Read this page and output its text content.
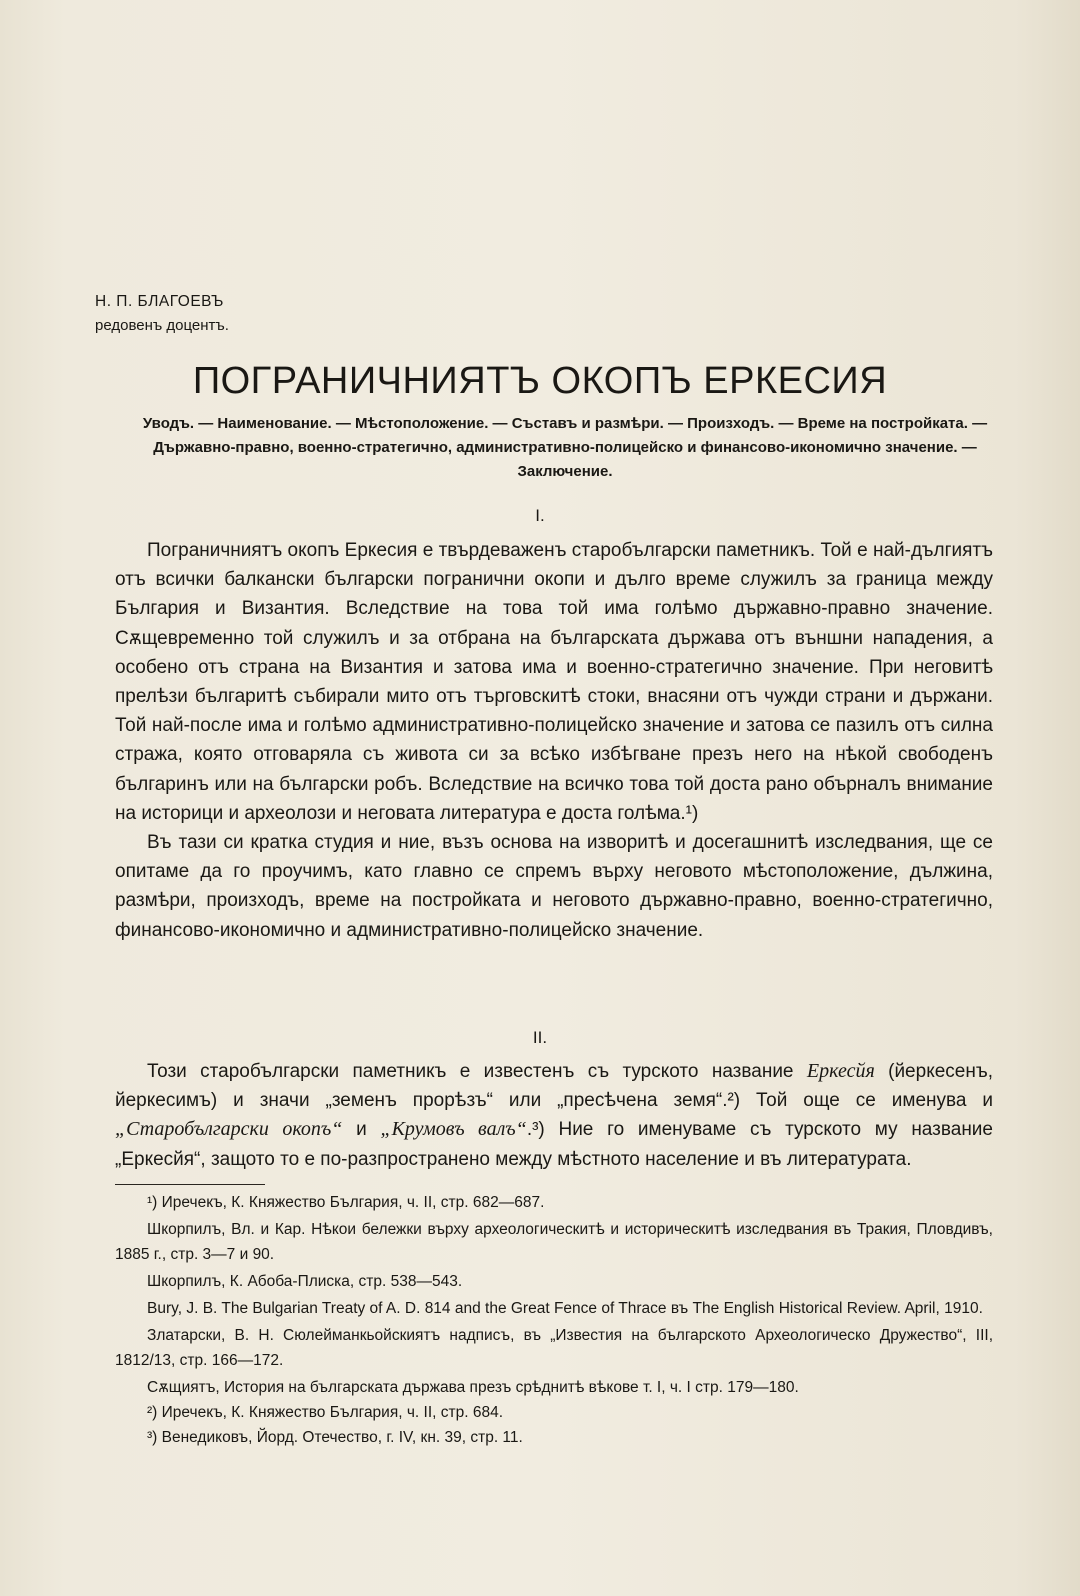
Н. П. БЛАГОЕВЪ
редовенъ доцентъ.
ПОГРАНИЧНИЯТЪ ОКОПЪ ЕРКЕСИЯ
Уводъ. — Наименование. — Мѣстоположение. — Съставъ и размѣри. — Произходъ. — Време на постройката. — Държавно-правно, военно-стратегично, административно-полицейско и финансово-икономично значение. — Заключение.
I.

Пограничниятъ окопъ Еркесия е твърдеваженъ старобългарски паметникъ. Той е най-дългиятъ отъ всички балкански български погранични окопи и дълго време служилъ за граница между България и Византия. Вследствие на това той има голѣмо държавно-правно значение. Сѫщевременно той служилъ и за отбрана на българската държава отъ външни нападения, а особено отъ страна на Византия и затова има и военно-стратегично значение. При неговитѣ прелѣзи българитѣ събирали мито отъ търговскитѣ стоки, внасяни отъ чужди страни и държани. Той най-после има и голѣмо административно-полицейско значение и затова се пазилъ отъ силна стража, която отговаряла съ живота си за всѣко избѣгване презъ него на нѣкой свободенъ българинъ или на български робъ. Вследствие на всичко това той доста рано обърналъ внимание на историци и археолози и неговата литература е доста голѣма.¹)

Въ тази си кратка студия и ние, възъ основа на изворитѣ и досегашнитѣ изследвания, ще се опитаме да го проучимъ, като главно се спремъ върху неговото мѣстоположение, дължина, размѣри, произходъ, време на постройката и неговото държавно-правно, военно-стратегично, финансово-икономично и административно-полицейско значение.

II.

Този старобългарски паметникъ е известенъ съ турското название Еркесйя (йеркесенъ, йеркесимъ) и значи „земенъ прорѣзъ“ или „пресѣчена земя“.²) Той още се именува и „Старобългарски окопъ“ и „Крумовъ валъ“.³) Ние го именуваме съ турското му название „Еркесйя“, защото то е по-разпространено между мѣстното население и въ литературата.

¹) Иречекъ, К. Княжество България, ч. II, стр. 682—687.

Шкорпилъ, Вл. и Кар. Нѣкои бележки върху археологическитѣ и историческитѣ изследвания въ Тракия, Пловдивъ, 1885 г., стр. 3—7 и 90.

Шкорпилъ, К. Абоба-Плиска, стр. 538—543.

Bury, J. B. The Bulgarian Treaty of A. D. 814 and the Great Fence of Thrace въ The English Historical Review. April, 1910.

Златарски, В. Н. Сюлейманкьойскиятъ надписъ, въ „Известия на българското Археологическо Дружество“, III, 1812/13, стр. 166—172.

Сѫщиятъ, История на българската държава презъ срѣднитѣ вѣкове т. I, ч. I стр. 179—180.

²) Иречекъ, К. Княжество България, ч. II, стр. 684.

³) Венедиковъ, Йорд. Отечество, г. IV, кн. 39, стр. 11.
